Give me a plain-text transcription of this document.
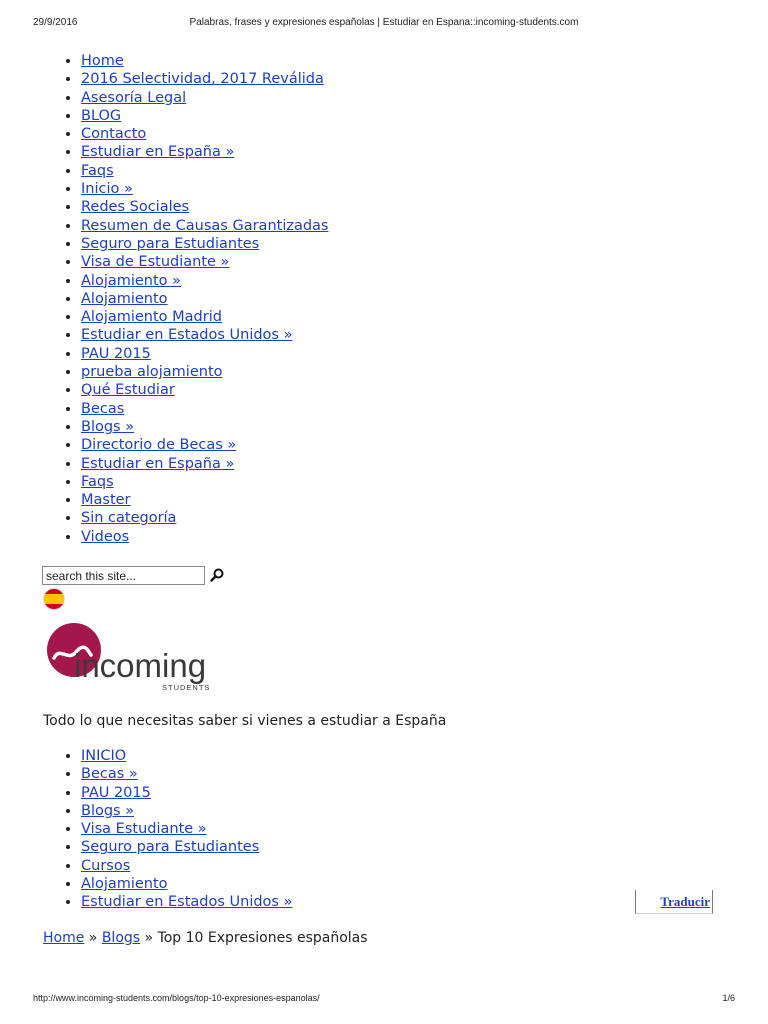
29/9/2016	Palabras, frases y expresiones españolas | Estudiar en Espana::incoming-students.com
• Home
• 2016 Selectividad, 2017 Reválida
• Asesoría Legal
• BLOG
• Contacto
• Estudiar en España »
• Faqs
• Inicio »
• Redes Sociales
• Resumen de Causas Garantizadas
• Seguro para Estudiantes
• Visa de Estudiante »
• Alojamiento »
• Alojamiento
• Alojamiento Madrid
• Estudiar en Estados Unidos »
• PAU 2015
• prueba alojamiento
• Qué Estudiar
• Becas
• Blogs »
• Directorio de Becas »
• Estudiar en España »
• Faqs
• Master
• Sin categoría
• Videos
search this site...
incoming
STUDENTS
Todo lo que necesitas saber si vienes a estudiar a España
• INICIO
• Becas »
• PAU 2015
• Blogs »
• Visa Estudiante »
• Seguro para Estudiantes
• Cursos
• Alojamiento
• Estudiar en Estados Unidos »	Traducir
Home » Blogs » Top 10 Expresiones españolas
http://www.incoming-students.com/blogs/top-10-expresiones-espanolas/	1/6
